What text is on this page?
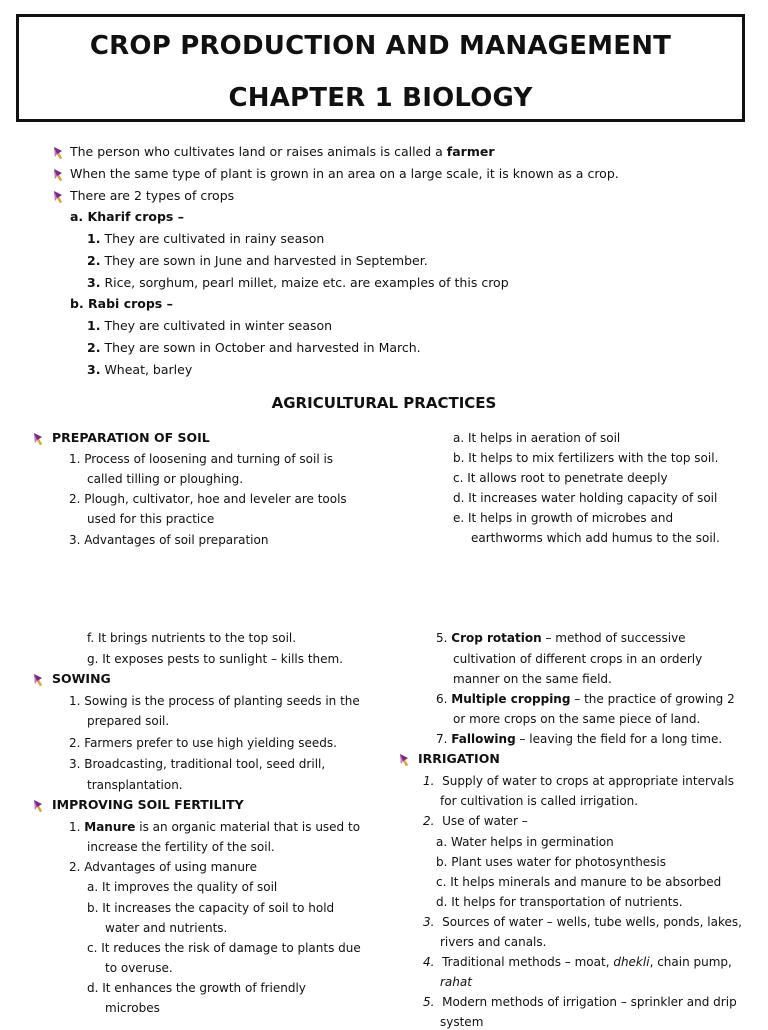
CROP PRODUCTION AND MANAGEMENT
CHAPTER 1 BIOLOGY
The person who cultivates land or raises animals is called a farmer
When the same type of plant is grown in an area on a large scale, it is known as a crop.
There are 2 types of crops
a. Kharif crops –
1. They are cultivated in rainy season
2. They are sown in June and harvested in September.
3. Rice, sorghum, pearl millet, maize etc. are examples of this crop
b. Rabi crops –
1. They are cultivated in winter season
2. They are sown in October and harvested in March.
3. Wheat, barley
AGRICULTURAL PRACTICES
PREPARATION OF SOIL
1. Process of loosening and turning of soil is
called tilling or ploughing.
2. Plough, cultivator, hoe and leveler are tools
used for this practice
3. Advantages of soil preparation
a. It helps in aeration of soil
b. It helps to mix fertilizers with the top soil.
c. It allows root to penetrate deeply
d. It increases water holding capacity of soil
e. It helps in growth of microbes and
earthworms which add humus to the soil.
f. It brings nutrients to the top soil.
g. It exposes pests to sunlight – kills them.
SOWING
1. Sowing is the process of planting seeds in the
prepared soil.
2. Farmers prefer to use high yielding seeds.
3. Broadcasting, traditional tool, seed drill,
transplantation.
IMPROVING SOIL FERTILITY
1. Manure is an organic material that is used to
increase the fertility of the soil.
2. Advantages of using manure
a. It improves the quality of soil
b. It increases the capacity of soil to hold
water and nutrients.
c. It reduces the risk of damage to plants due
to overuse.
d. It enhances the growth of friendly
microbes
5. Crop rotation – method of successive
cultivation of different crops in an orderly
manner on the same field.
6. Multiple cropping – the practice of growing 2
or more crops on the same piece of land.
7. Fallowing – leaving the field for a long time.
IRRIGATION
1. Supply of water to crops at appropriate intervals
for cultivation is called irrigation.
2. Use of water –
a. Water helps in germination
b. Plant uses water for photosynthesis
c. It helps minerals and manure to be absorbed
d. It helps for transportation of nutrients.
3. Sources of water – wells, tube wells, ponds, lakes,
rivers and canals.
4. Traditional methods – moat, dhekli, chain pump,
rahat
5. Modern methods of irrigation – sprinkler and drip
system
